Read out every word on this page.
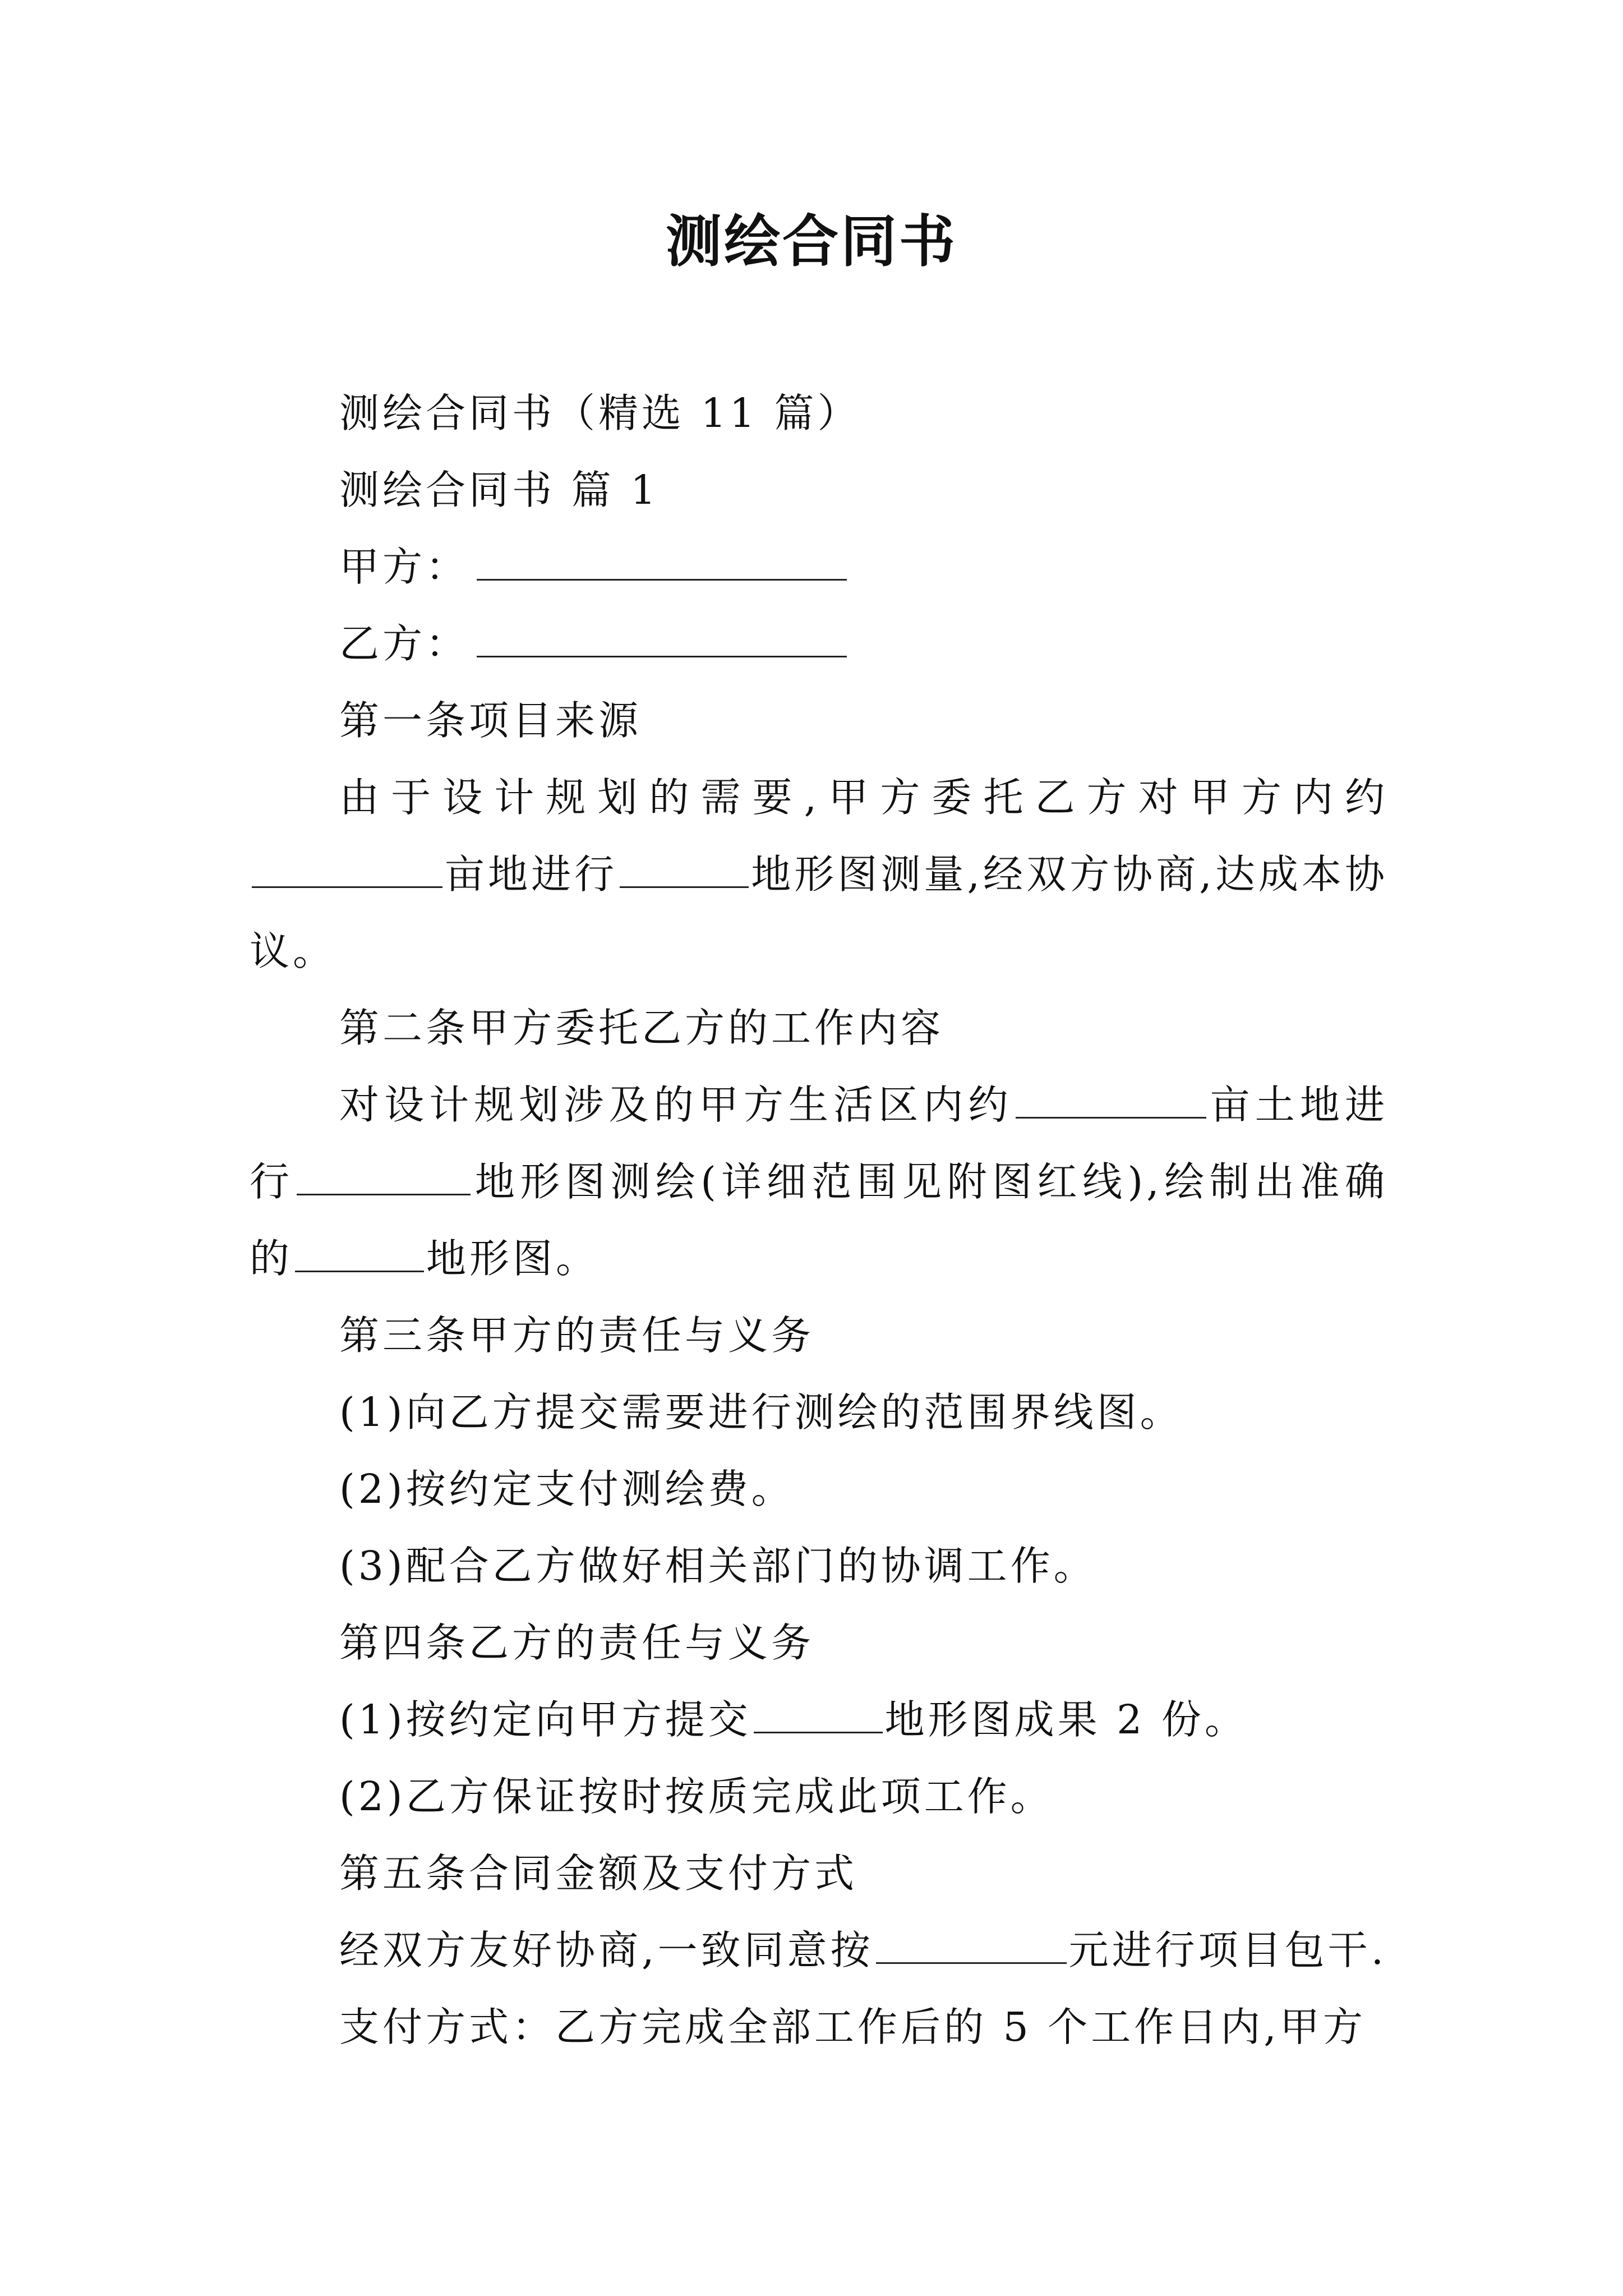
测绘合同书

测绘合同书（精选 11 篇）

测绘合同书 篇 1

甲方：

乙方：

第一条项目来源

由于设计规划的需要,甲方委托乙方对甲方内约亩地进行	地形图测量,经双方协商,达成本协议。

第二条甲方委托乙方的工作内容

对设计规划涉及的甲方生活区内约	亩土地进行	地形图测绘(详细范围见附图红线),绘制出准确的	地形图。

第三条甲方的责任与义务

(1)向乙方提交需要进行测绘的范围界线图。

(2)按约定支付测绘费。

(3)配合乙方做好相关部门的协调工作。

第四条乙方的责任与义务

(1)按约定向甲方提交	地形图成果 2 份。

(2)乙方保证按时按质完成此项工作。

第五条合同金额及支付方式

经双方友好协商,一致同意按	元进行项目包干.

支付方式：乙方完成全部工作后的 5 个工作日内,甲方
